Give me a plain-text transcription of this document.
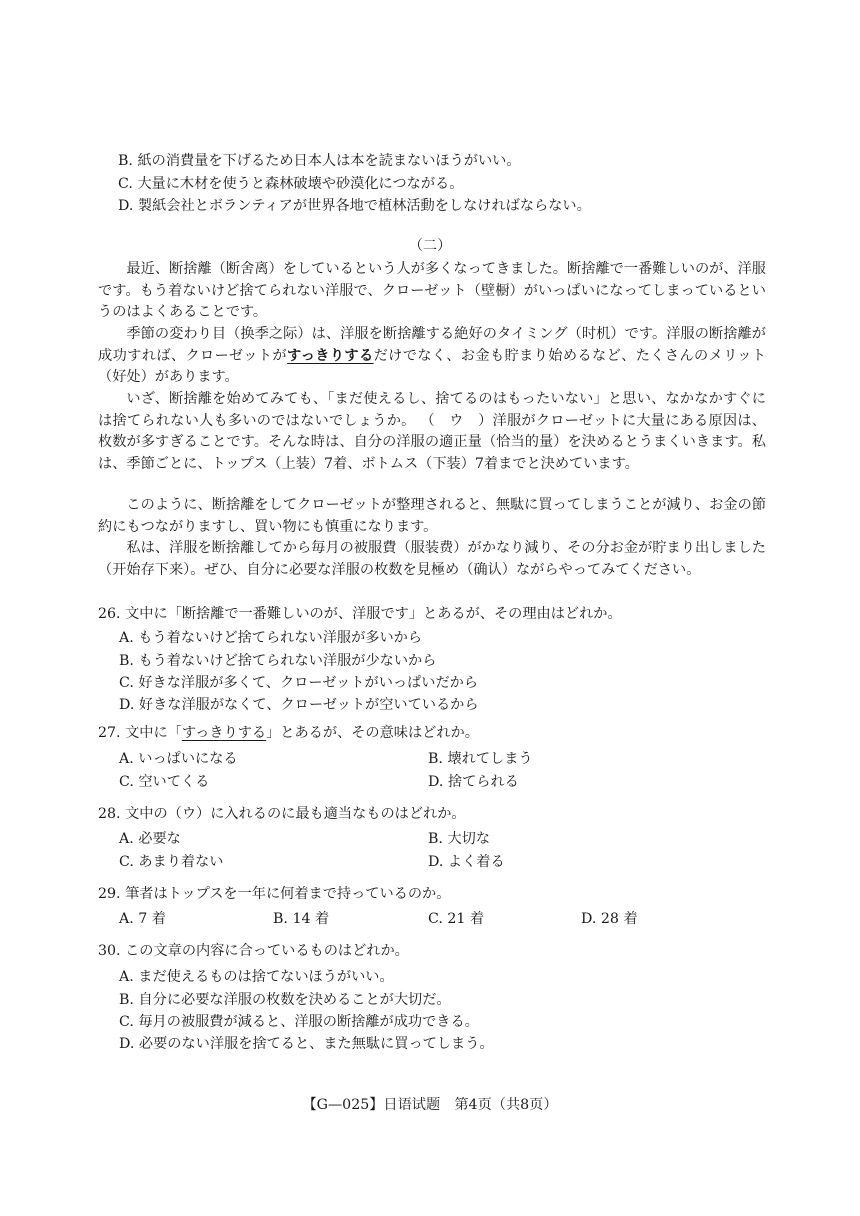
B. 紙の消費量を下げるため日本人は本を読まないほうがいい。
C. 大量に木材を使うと森林破壊や砂漠化につながる。
D. 製紙会社とボランティアが世界各地で植林活動をしなければならない。
（二）

最近、断捨離（断舍离）をしているという人が多くなってきました。断捨離で一番難しいのが、洋服です。もう着ないけど捨てられない洋服で、クローゼット（壁橱）がいっぱいになってしまっているというのはよくあることです。

季節の変わり目（换季之际）は、洋服を断捨離する絶好のタイミング（时机）です。洋服の断捨離が成功すれば、クローゼットがすっきりするだけでなく、お金も貯まり始めるなど、たくさんのメリット（好处）があります。

いざ、断捨離を始めてみても、「まだ使えるし、捨てるのはもったいない」と思い、なかなかすぐには捨てられない人も多いのではないでしょうか。 （　ウ　）洋服がクローゼットに大量にある原因は、枚数が多すぎることです。そんな時は、自分の洋服の適正量（恰当的量）を決めるとうまくいきます。私は、季節ごとに、トップス（上装）7着、ボトムス（下装）7着までと決めています。

このように、断捨離をしてクローゼットが整理されると、無駄に買ってしまうことが減り、お金の節約にもつながりますし、買い物にも慎重になります。

私は、洋服を断捨離してから毎月の被服費（服装费）がかなり減り、その分お金が貯まり出しました（开始存下来）。ぜひ、自分に必要な洋服の枚数を見極め（确认）ながらやってみてください。

26. 文中に「断捨離で一番難しいのが、洋服です」とあるが、その理由はどれか。
A. もう着ないけど捨てられない洋服が多いから
B. もう着ないけど捨てられない洋服が少ないから
C. 好きな洋服が多くて、クローゼットがいっぱいだから
D. 好きな洋服がなくて、クローゼットが空いているから
27. 文中に「すっきりする」とあるが、その意味はどれか。
A. いっぱいになる	B. 壊れてしまう
C. 空いてくる	D. 捨てられる
28. 文中の（ウ）に入れるのに最も適当なものはどれか。
A. 必要な	B. 大切な
C. あまり着ない	D. よく着る
29. 筆者はトップスを一年に何着まで持っているのか。
A. 7 着	B. 14 着	C. 21 着	D. 28 着
30. この文章の内容に合っているものはどれか。
A. まだ使えるものは捨てないほうがいい。
B. 自分に必要な洋服の枚数を決めることが大切だ。
C. 毎月の被服費が減ると、洋服の断捨離が成功できる。
D. 必要のない洋服を捨てると、また無駄に買ってしまう。
【G—025】日语试题　第4页（共8页）
